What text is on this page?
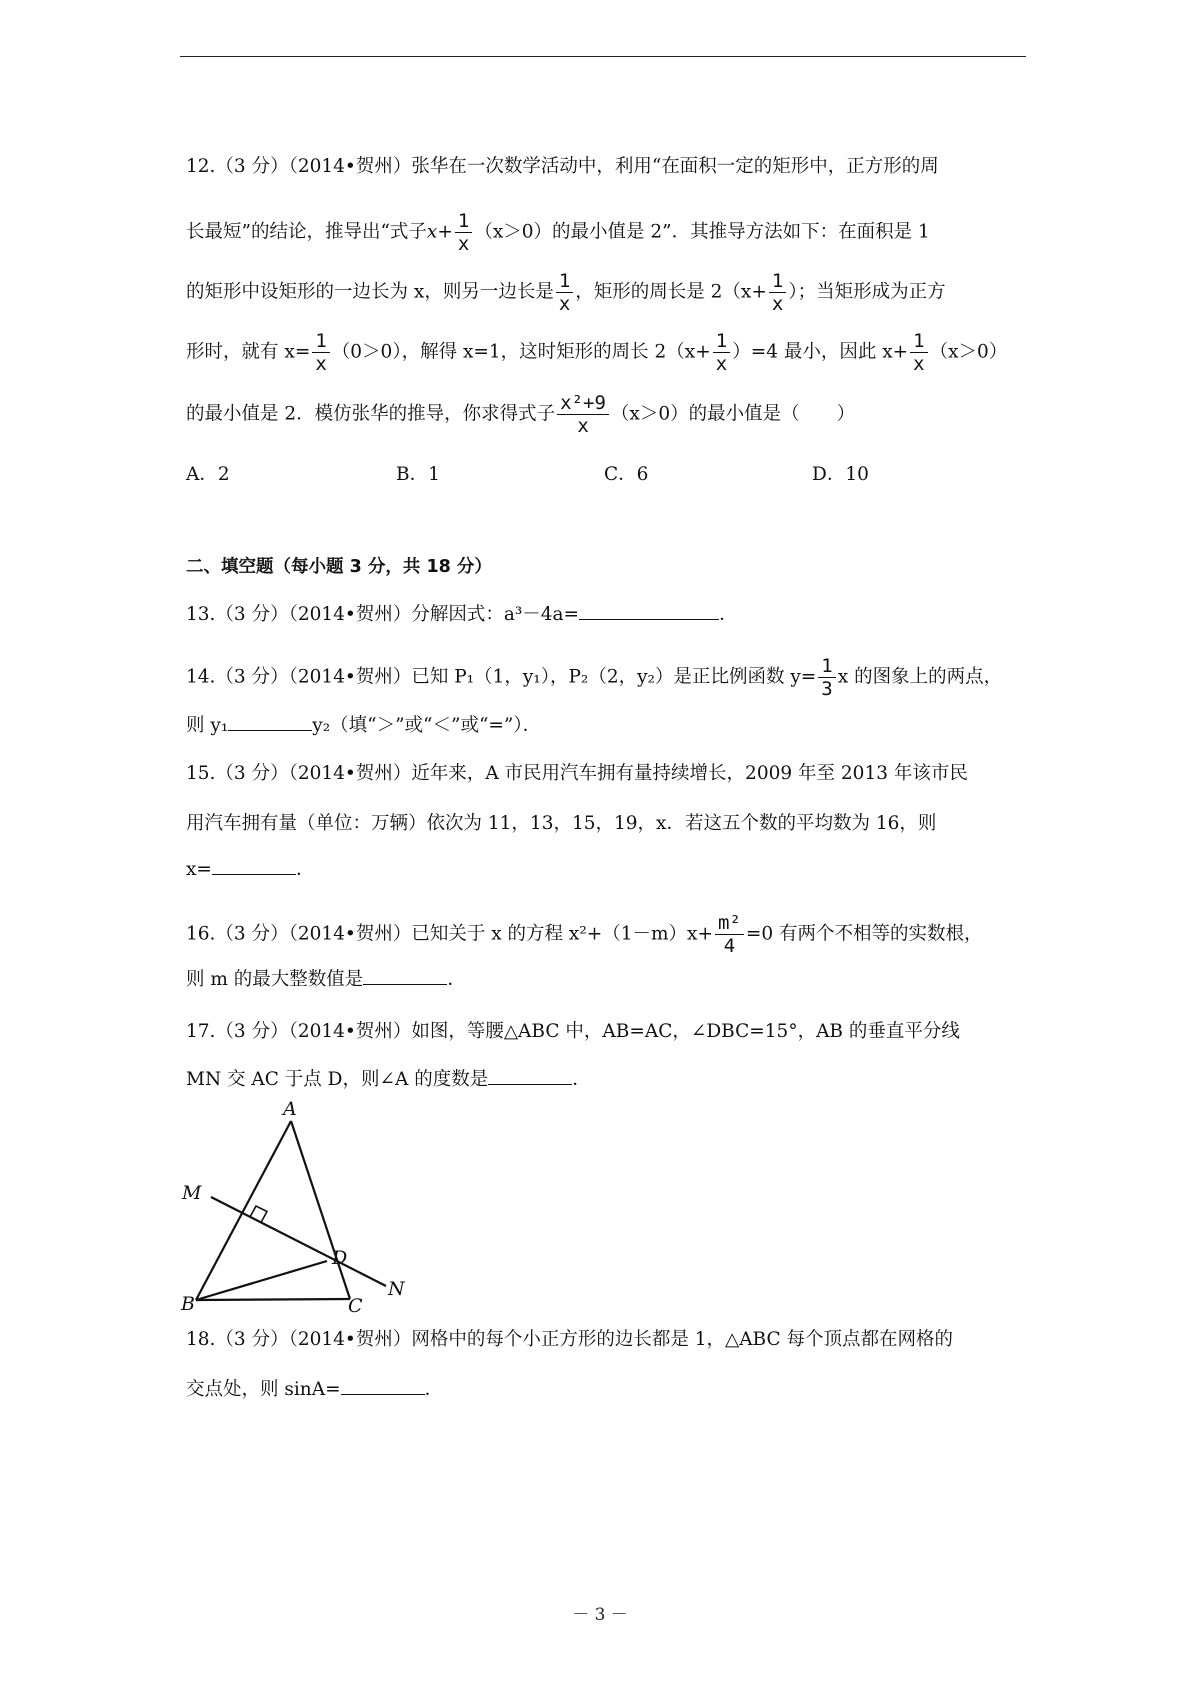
12.（3 分）（2014•贺州）张华在一次数学活动中，利用“在面积一定的矩形中，正方形的周
长最短”的结论，推导出“式子$x+ \frac{1}{x} (x>0)$的最小值是 2”．其推导方法如下：在面积是 1
的矩形中设矩形的一边长为 x，则另一边长是 $\frac{1}{x}$ ，矩形的周长是 $2(x+ \frac{1}{x}$ ）；当矩形成为正方
形时，就有 $x= \frac{1}{x} (0>0)$，解得 x=1，这时矩形的周长 $2(x+ \frac{1}{x} )=4$ 最小，因此 $x+ \frac{1}{x} (x>0)$
的最小值是 2．模仿张华的推导，你求得式子 $\frac{\text{x²+9}}{x} (x>0)$的最小值是（　　）
A．2	B．1	C．6	D．10
二、填空题（每小题 3 分，共 18 分）
13.（3 分）（2014•贺州）分解因式：a³－4a=	．
14.（3 分）（2014•贺州）已知 P₁（1，y₁），P₂（2，y₂）是正比例函数 $y= \frac{1}{3}$ x 的图象上的两点，
则 y₁	y₂（填“＞”或“＜”或“=”）．
15.（3 分）（2014•贺州）近年来，A 市民用汽车拥有量持续增长，2009 年至 2013 年该市民
用汽车拥有量（单位：万辆）依次为 11，13，15，19，x．若这五个数的平均数为 16，则
x=	．
16.（3 分）（2014•贺州）已知关于 x 的方程 $x^2+(1-m)x+ \frac{\text{m²}}{4} =0$ 有两个不相等的实数根，
则 m 的最大整数值是	．
17.（3 分）（2014•贺州）如图，等腰△ABC 中，AB=AC，∠DBC=15°，AB 的垂直平分线
MN 交 AC 于点 D，则∠A 的度数是	．
A
M
D
N
B	C
18.（3 分）（2014•贺州）网格中的每个小正方形的边长都是 1，△ABC 每个顶点都在网格的
交点处，则 sinA=	．
－ 3 －
